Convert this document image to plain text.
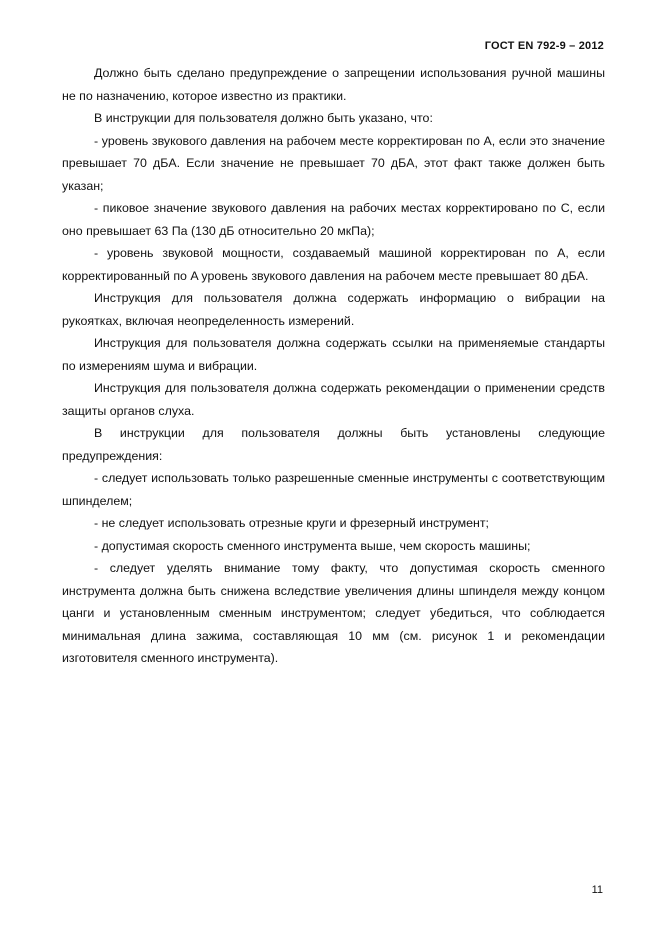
ГОСТ EN 792-9 – 2012

Должно быть сделано предупреждение о запрещении использования ручной машины не по назначению, которое известно из практики.

В инструкции для пользователя должно быть указано, что:

- уровень звукового давления на рабочем месте корректирован по A, если это значение превышает 70 дБA. Если значение не превышает 70 дБA, этот факт также должен быть указан;

- пиковое значение звукового давления на рабочих местах корректировано по C, если оно превышает 63 Па (130 дБ относительно 20 мкПа);

- уровень звуковой мощности, создаваемый машиной корректирован по A, если корректированный по A уровень звукового давления на рабочем месте превышает 80 дБA.

Инструкция для пользователя должна содержать информацию о вибрации на рукоятках, включая неопределенность измерений.

Инструкция для пользователя должна содержать ссылки на применяемые стандарты по измерениям шума и вибрации.

Инструкция для пользователя должна содержать рекомендации о применении средств защиты органов слуха.

В инструкции для пользователя должны быть установлены следующие предупреждения:

- следует использовать только разрешенные сменные инструменты с соответствующим шпинделем;

- не следует использовать отрезные круги и фрезерный инструмент;

- допустимая скорость сменного инструмента выше, чем скорость машины;

- следует уделять внимание тому факту, что допустимая скорость сменного инструмента должна быть снижена вследствие увеличения длины шпинделя между концом цанги и установленным сменным инструментом; следует убедиться, что соблюдается минимальная длина зажима, составляющая 10 мм (см. рисунок 1 и рекомендации изготовителя сменного инструмента).

11
